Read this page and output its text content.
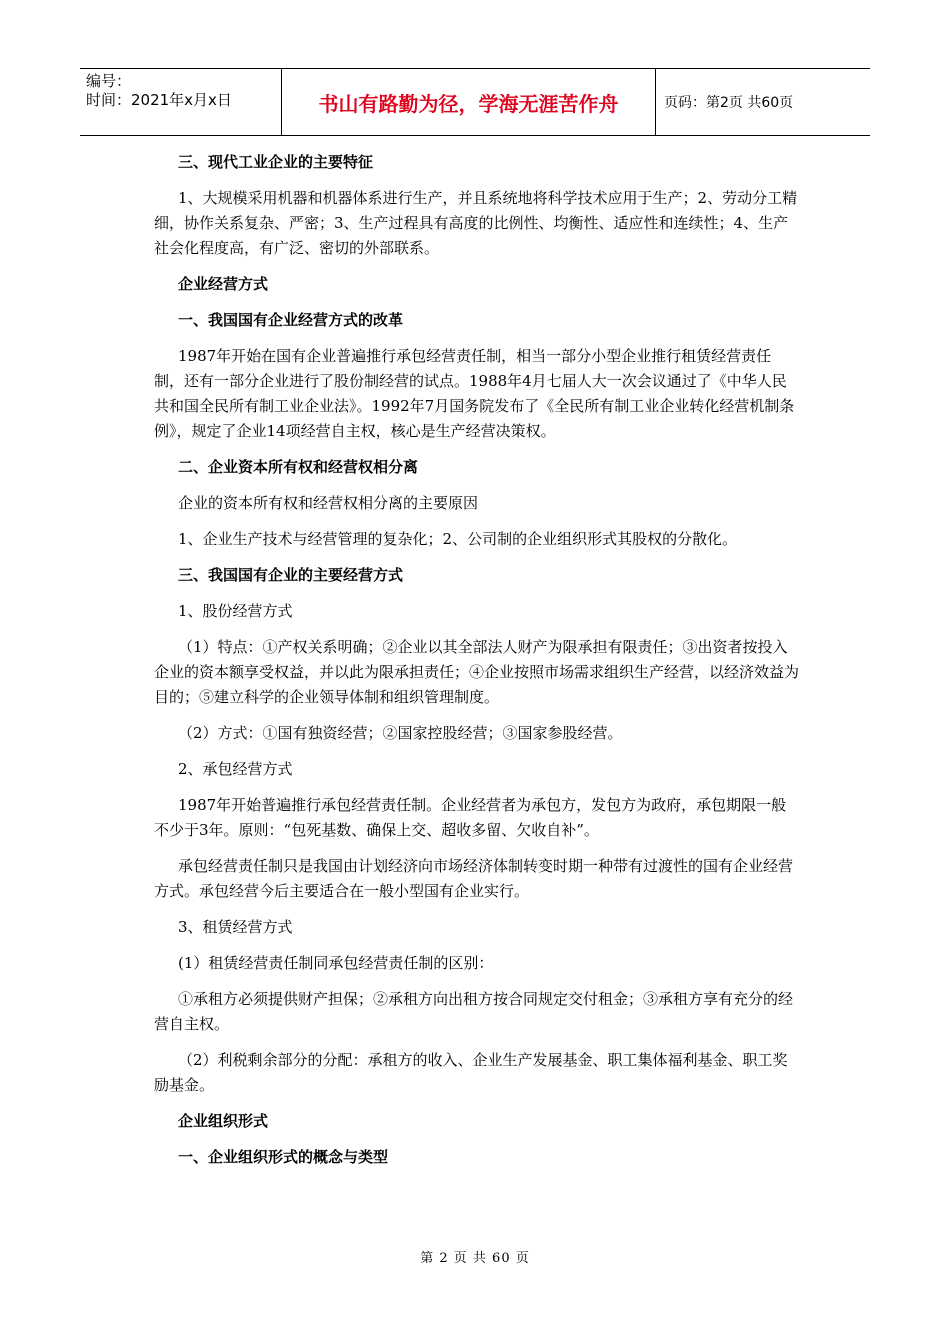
编号：
时间：2021年x月x日	书山有路勤为径，学海无涯苦作舟	页码：第2页 共60页

三、现代工业企业的主要特征

1、大规模采用机器和机器体系进行生产，并且系统地将科学技术应用于生产；2、劳动分工精细，协作关系复杂、严密；3、生产过程具有高度的比例性、均衡性、适应性和连续性；4、生产社会化程度高，有广泛、密切的外部联系。

企业经营方式

一、我国国有企业经营方式的改革

1987年开始在国有企业普遍推行承包经营责任制，相当一部分小型企业推行租赁经营责任制，还有一部分企业进行了股份制经营的试点。1988年4月七届人大一次会议通过了《中华人民共和国全民所有制工业企业法》。1992年7月国务院发布了《全民所有制工业企业转化经营机制条例》，规定了企业14项经营自主权，核心是生产经营决策权。

二、企业资本所有权和经营权相分离

企业的资本所有权和经营权相分离的主要原因

1、企业生产技术与经营管理的复杂化；2、公司制的企业组织形式其股权的分散化。

三、我国国有企业的主要经营方式

1、股份经营方式

（1）特点：①产权关系明确；②企业以其全部法人财产为限承担有限责任；③出资者按投入企业的资本额享受权益，并以此为限承担责任；④企业按照市场需求组织生产经营，以经济效益为目的；⑤建立科学的企业领导体制和组织管理制度。

（2）方式：①国有独资经营；②国家控股经营；③国家参股经营。

2、承包经营方式

1987年开始普遍推行承包经营责任制。企业经营者为承包方，发包方为政府，承包期限一般不少于3年。原则：“包死基数、确保上交、超收多留、欠收自补”。

承包经营责任制只是我国由计划经济向市场经济体制转变时期一种带有过渡性的国有企业经营方式。承包经营今后主要适合在一般小型国有企业实行。

3、租赁经营方式

(1）租赁经营责任制同承包经营责任制的区别：

①承租方必须提供财产担保；②承租方向出租方按合同规定交付租金；③承租方享有充分的经营自主权。

（2）利税剩余部分的分配：承租方的收入、企业生产发展基金、职工集体福利基金、职工奖励基金。

企业组织形式

一、企业组织形式的概念与类型

第 2 页 共 60 页
